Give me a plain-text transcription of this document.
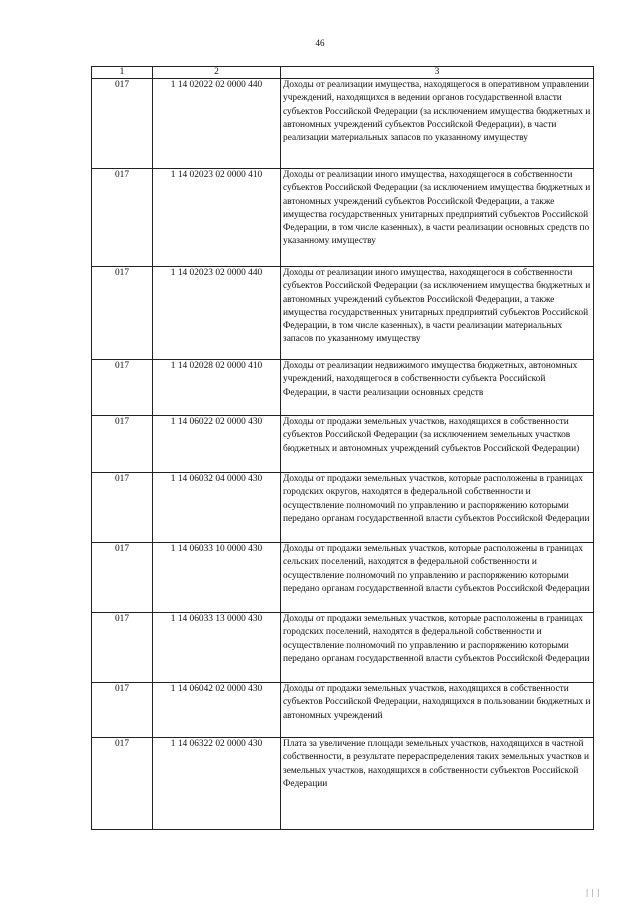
46
1	2	3
017	1 14 02022 02 0000 440	Доходы от реализации имущества, находящегося в оперативном управлении учреждений, находящихся в ведении органов государственной власти субъектов Российской Федерации (за исключением имущества бюджетных и автономных учреждений субъектов Российской Федерации), в части реализации материальных запасов по указанному имуществу
017	1 14 02023 02 0000 410	Доходы от реализации иного имущества, находящегося в собственности субъектов Российской Федерации (за исключением имущества бюджетных и автономных учреждений субъектов Российской Федерации, а также имущества государственных унитарных предприятий субъектов Российской Федерации, в том числе казенных), в части реализации основных средств по указанному имуществу
017	1 14 02023 02 0000 440	Доходы от реализации иного имущества, находящегося в собственности субъектов Российской Федерации (за исключением имущества бюджетных и автономных учреждений субъектов Российской Федерации, а также имущества государственных унитарных предприятий субъектов Российской Федерации, в том числе казенных), в части реализации материальных запасов по указанному имуществу
017	1 14 02028 02 0000 410	Доходы от реализации недвижимого имущества бюджетных, автономных учреждений, находящегося в собственности субъекта Российской Федерации, в части реализации основных средств
017	1 14 06022 02 0000 430	Доходы от продажи земельных участков, находящихся в собственности субъектов Российской Федерации (за исключением земельных участков бюджетных и автономных учреждений субъектов Российской Федерации)
017	1 14 06032 04 0000 430	Доходы от продажи земельных участков, которые расположены в границах городских округов, находятся в федеральной собственности и осуществление полномочий по управлению и распоряжению которыми передано органам государственной власти субъектов Российской Федерации
017	1 14 06033 10 0000 430	Доходы от продажи земельных участков, которые расположены в границах сельских поселений, находятся в федеральной собственности и осуществление полномочий по управлению и распоряжению которыми передано органам государственной власти субъектов Российской Федерации
017	1 14 06033 13 0000 430	Доходы от продажи земельных участков, которые расположены в границах городских поселений, находятся в федеральной собственности и осуществление полномочий по управлению и распоряжению которыми передано органам государственной власти субъектов Российской Федерации
017	1 14 06042 02 0000 430	Доходы от продажи земельных участков, находящихся в собственности субъектов Российской Федерации, находящихся в пользовании бюджетных и автономных учреждений
017	1 14 06322 02 0000 430	Плата за увеличение площади земельных участков, находящихся в частной собственности, в результате перераспределения таких земельных участков и земельных участков, находящихся в собственности субъектов Российской Федерации
| | |
